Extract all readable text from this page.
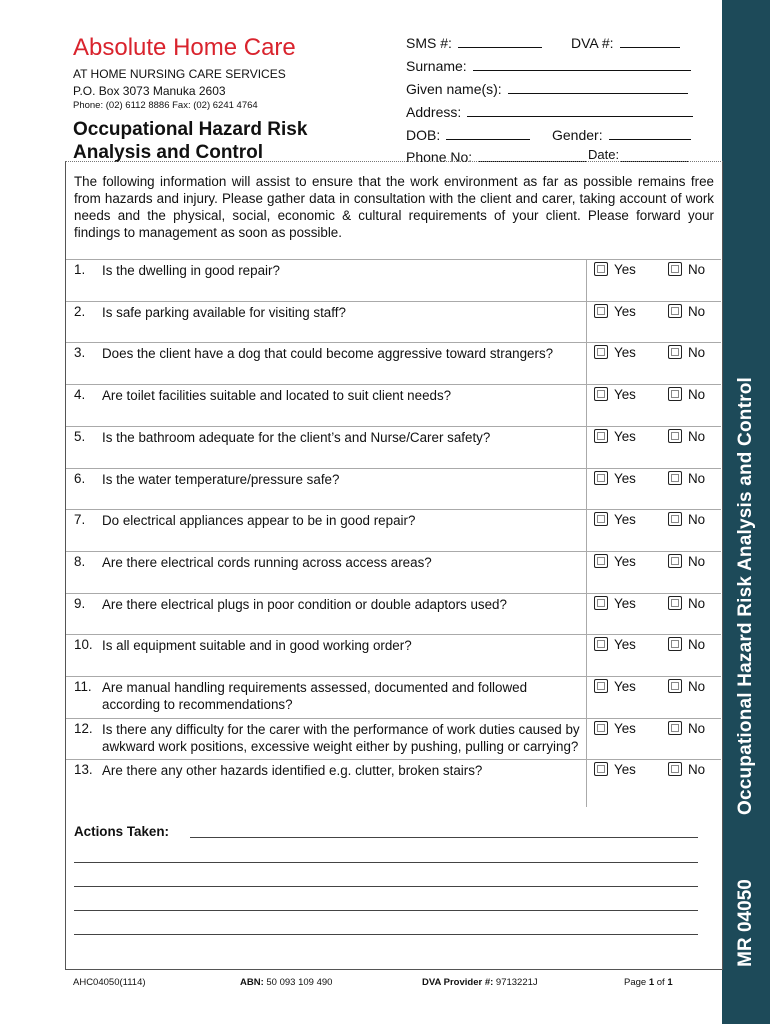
Occupational Hazard Risk Analysis and Control
MR 04050
Absolute Home Care
AT HOME NURSING CARE SERVICES
P.O. Box 3073 Manuka 2603
Phone: (02) 6112 8886 Fax: (02) 6241 4764
Occupational Hazard Risk
Analysis and Control
SMS #:	DVA #:
Surname:
Given name(s):
Address:
DOB:	Gender:
Phone No:	Date:
The following information will assist to ensure that the work environment as far as possible remains free from hazards and injury. Please gather data in consultation with the client and carer, taking account of work needs and the physical, social, economic & cultural requirements of your client. Please forward your findings to management as soon as possible.
1. Is the dwelling in good repair?	Yes	No
2. Is safe parking available for visiting staff?	Yes	No
3. Does the client have a dog that could become aggressive toward strangers?	Yes	No
4. Are toilet facilities suitable and located to suit client needs?	Yes	No
5. Is the bathroom adequate for the client’s and Nurse/Carer safety?	Yes	No
6. Is the water temperature/pressure safe?	Yes	No
7. Do electrical appliances appear to be in good repair?	Yes	No
8. Are there electrical cords running across access areas?	Yes	No
9. Are there electrical plugs in poor condition or double adaptors used?	Yes	No
10. Is all equipment suitable and in good working order?	Yes	No
11. Are manual handling requirements assessed, documented and followed according to recommendations?
Yes	No
12. Is there any difficulty for the carer with the performance of work duties caused by awkward work positions, excessive weight either by pushing, pulling or carrying?
Yes	No
13. Are there any other hazards identified e.g. clutter, broken stairs?	Yes	No
Actions Taken:
AHC04050(1114)	ABN: 50 093 109 490	DVA Provider #: 9713221J	Page 1 of 1
